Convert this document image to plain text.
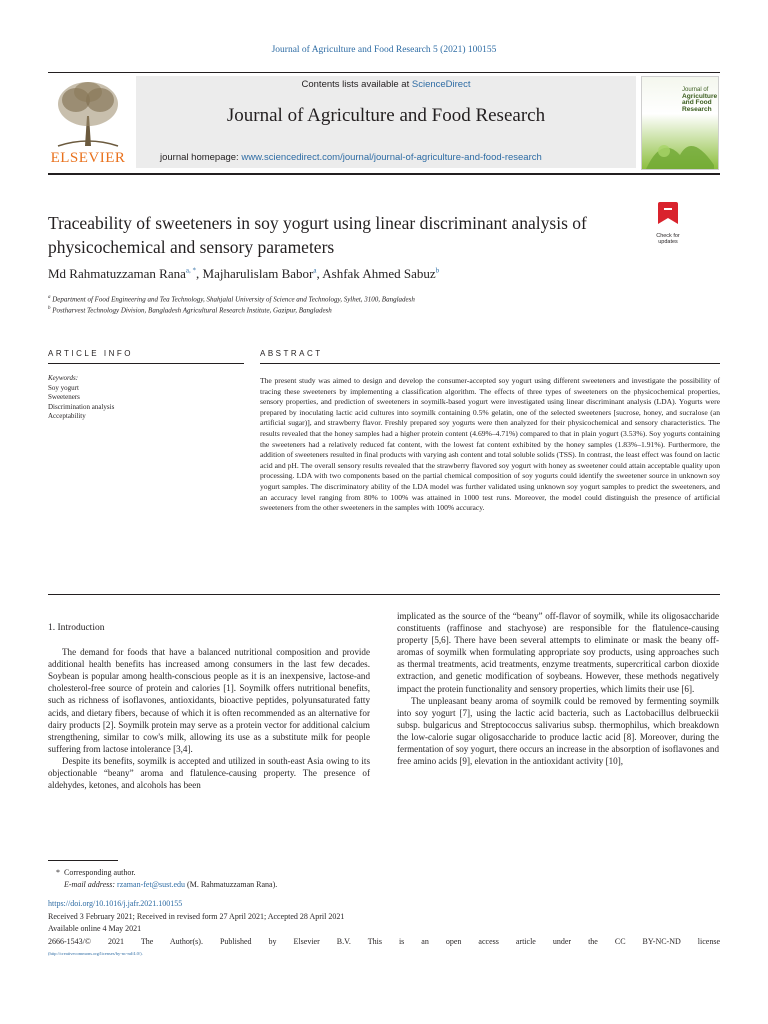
Journal of Agriculture and Food Research 5 (2021) 100155
ELSEVIER
Contents lists available at ScienceDirect
Journal of Agriculture and Food Research
journal homepage: www.sciencedirect.com/journal/journal-of-agriculture-and-food-research
Journal of
Agriculture
and Food
Research
Traceability of sweeteners in soy yogurt using linear discriminant analysis of physicochemical and sensory parameters
Check for
updates
Md Rahmatuzzaman Rana$^{a, *}$, Majharulislam Babor$^a$, Ashfak Ahmed Sabuz$^b$
$^a$ Department of Food Engineering and Tea Technology, Shahjalal University of Science and Technology, Sylhet, 3100, Bangladesh
$^b$ Postharvest Technology Division, Bangladesh Agricultural Research Institute, Gazipur, Bangladesh
ARTICLE INFO
Keywords:
Soy yogurt
Sweeteners
Discrimination analysis
Acceptability
ABSTRACT
The present study was aimed to design and develop the consumer-accepted soy yogurt using different sweeteners and investigate the possibility of tracing these sweeteners by implementing a classification algorithm. The effects of three types of sweeteners on the physicochemical properties, sensory properties, and prediction of sweeteners in soymilk-based yogurt were investigated using linear discriminant analysis (LDA). Yogurts were prepared by inoculating lactic acid cultures into soymilk containing 0.5% gelatin, one of the selected sweeteners [sucrose, honey, and sucralose (an artificial sugar)], and strawberry flavor. Freshly prepared soy yogurts were then analyzed for their physicochemical and sensory characteristics. The results revealed that the honey samples had a higher protein content (4.69%–4.71%) compared to that in plain yogurt (3.53%). Soy yogurts containing the sweeteners had a relatively reduced fat content, with the lowest fat content exhibited by the honey samples (1.83%–1.91%). Furthermore, the addition of sweeteners resulted in final products with varying ash content and total soluble solids (TSS). In contrast, the least effect was found on lactic acid and pH. The overall sensory results revealed that the strawberry flavored soy yogurt with honey as sweetener could attain acceptable quality upon processing. LDA with two components based on the partial chemical composition of soy yogurts could identify the sweetener source in unknown soy yogurt samples. The discriminatory ability of the LDA model was further validated using unknown soy yogurt samples to predict the sweeteners, and an accuracy level ranging from 80% to 100% was attained in 1000 test runs. Moreover, the model could distinguish the presence of artificial sweeteners from the other sweeteners in the samples with 100% accuracy.
1. Introduction

The demand for foods that have a balanced nutritional composition and provide additional health benefits has increased among consumers in the last few decades. Soybean is popular among health-conscious people as it is an inexpensive, lactose-and cholesterol-free source of protein and calories [1]. Soymilk offers nutritional benefits, such as richness of isoflavones, antioxidants, bioactive peptides, polyunsaturated fatty acids, and dietary fibers, because of which it is often recommended as an alternative for dairy products [2]. Soymilk protein may serve as a protein vector for additional calcium strengthening, similar to cow's milk, allowing its use as a substitute milk for people suffering from lactose intolerance [3,4].

Despite its benefits, soymilk is accepted and utilized in south-east Asia owing to its objectionable “beany” aroma and flatulence-causing property. The presence of aldehydes, ketones, and alcohols has been

implicated as the source of the “beany” off-flavor of soymilk, while its oligosaccharide constituents (raffinose and stachyose) are responsible for the flatulence-causing property [5,6]. There have been several attempts to eliminate or mask the beany off-aromas of soymilk when formulating appropriate soy products, using approaches such as thermal treatments, acid treatments, enzyme treatments, supercritical carbon dioxide extraction, and genetic modification of soybeans. However, these methods negatively impact the protein functionality and sensory properties, which limits their use [6].

The unpleasant beany aroma of soymilk could be removed by fermenting soymilk into soy yogurt [7], using the lactic acid bacteria, such as Lactobacillus delbrueckii subsp. bulgaricus and Streptococcus salivarius subsp. thermophilus, which breakdown the low-calorie sugar oligosaccharide to produce lactic acid [8]. Moreover, during the fermentation of soy yogurt, there occurs an increase in the absorption of isoflavones and free amino acids [9], elevation in the antioxidant activity [10],

* Corresponding author.
E-mail address: rzaman-fet@sust.edu (M. Rahmatuzzaman Rana).
https://doi.org/10.1016/j.jafr.2021.100155
Received 3 February 2021; Received in revised form 27 April 2021; Accepted 28 April 2021
Available online 4 May 2021
2666-1543/© 2021 The Author(s). Published by Elsevier B.V. This is an open access article under the CC BY-NC-ND license
(http://creativecommons.org/licenses/by-nc-nd/4.0/).
